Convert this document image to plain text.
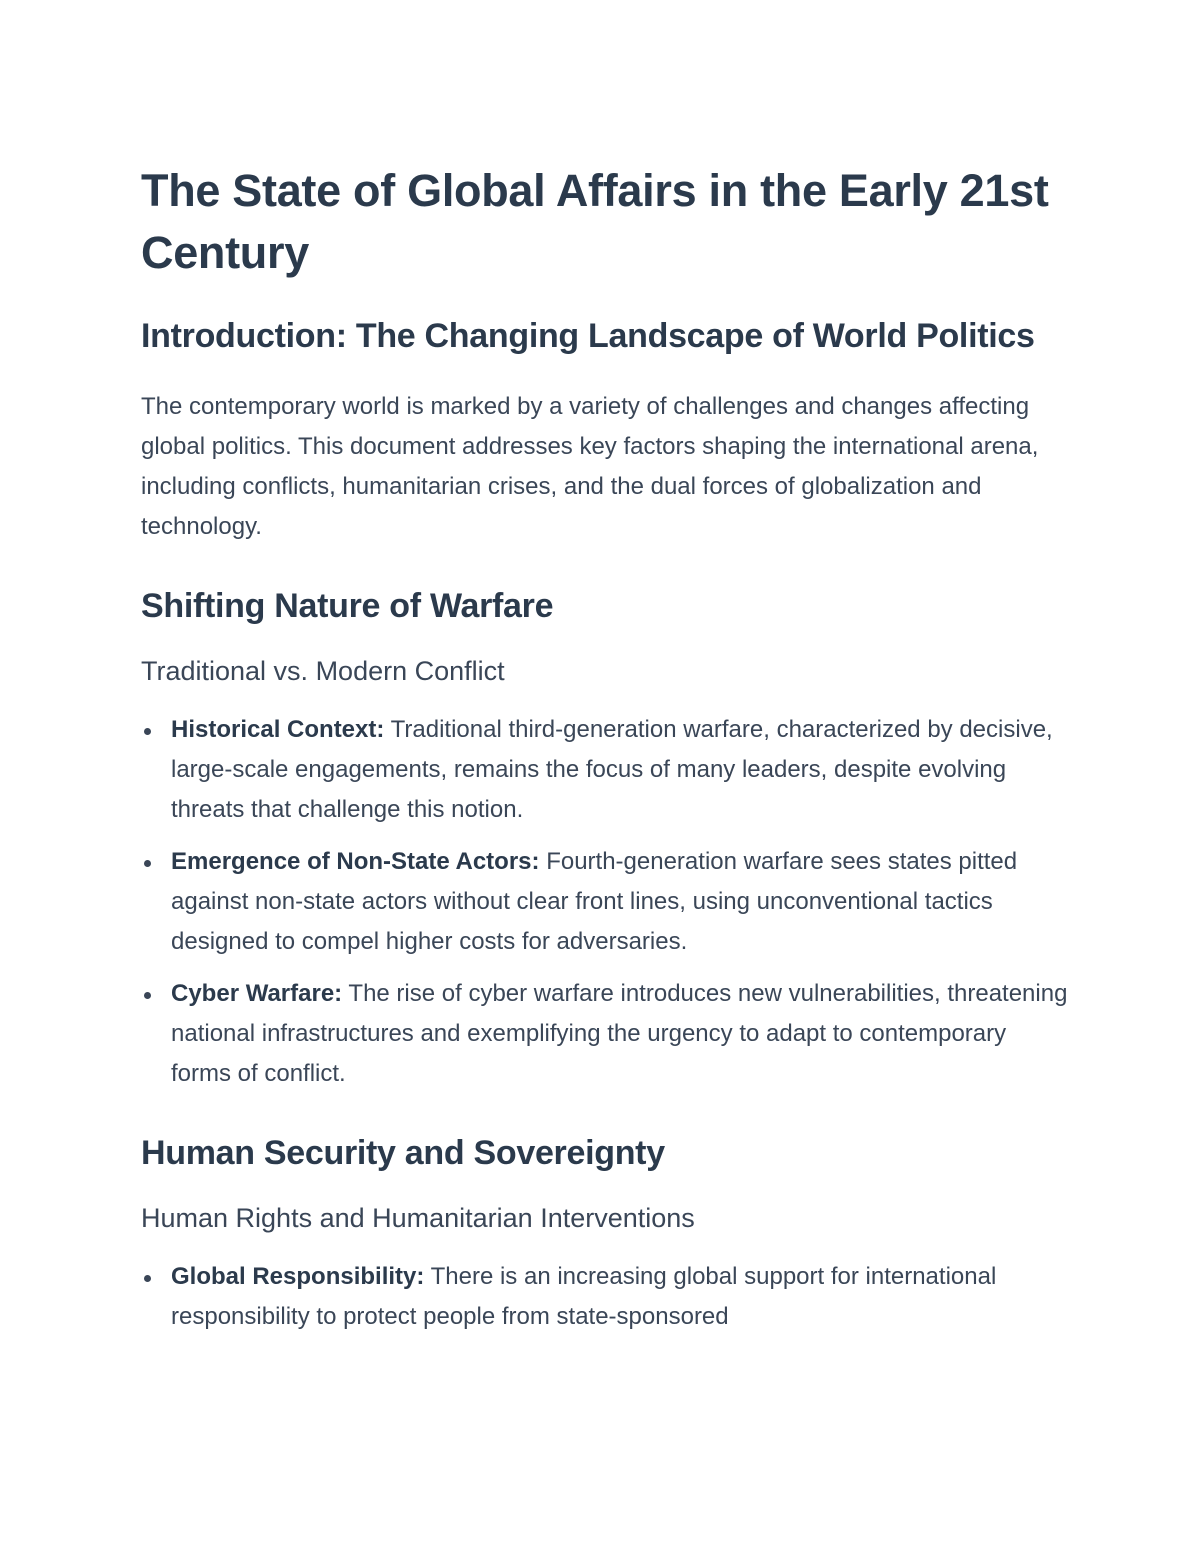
The State of Global Affairs in the Early 21st Century
Introduction: The Changing Landscape of World Politics

The contemporary world is marked by a variety of challenges and changes affecting global politics. This document addresses key factors shaping the international arena, including conflicts, humanitarian crises, and the dual forces of globalization and technology.

Shifting Nature of Warfare
Traditional vs. Modern Conflict
Historical Context: Traditional third-generation warfare, characterized by decisive, large-scale engagements, remains the focus of many leaders, despite evolving threats that challenge this notion.
Emergence of Non-State Actors: Fourth-generation warfare sees states pitted against non-state actors without clear front lines, using unconventional tactics designed to compel higher costs for adversaries.
Cyber Warfare: The rise of cyber warfare introduces new vulnerabilities, threatening national infrastructures and exemplifying the urgency to adapt to contemporary forms of conflict.
Human Security and Sovereignty
Human Rights and Humanitarian Interventions
Global Responsibility: There is an increasing global support for international responsibility to protect people from state-sponsored
